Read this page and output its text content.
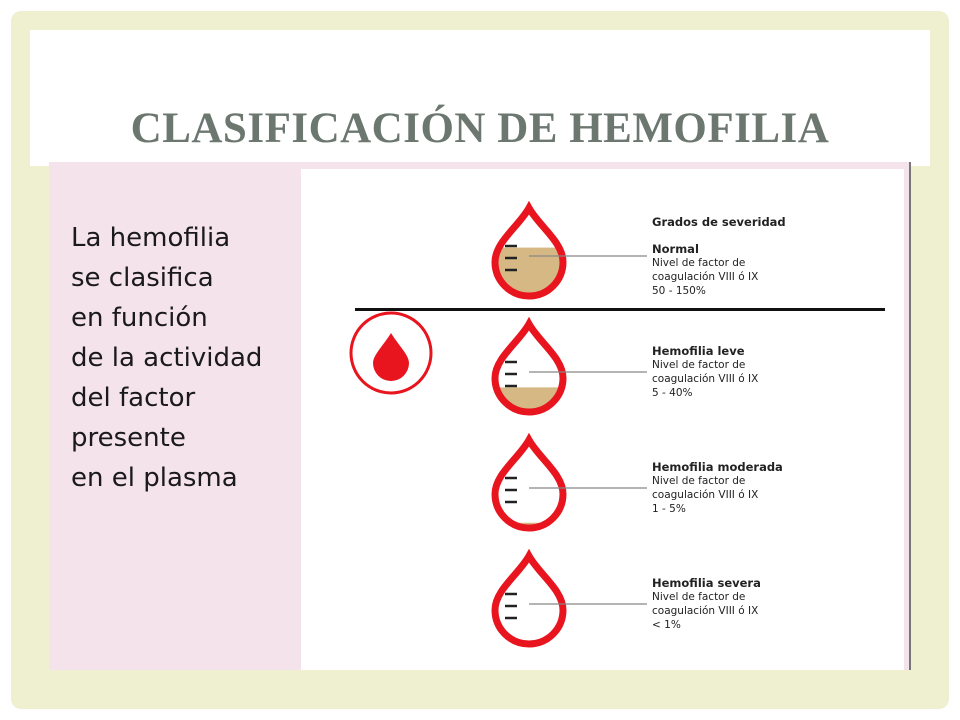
CLASIFICACIÓN DE HEMOFILIA

La hemofilia
se clasifica
en función
de la actividad
del factor
presente
en el plasma

Grados de severidad
Normal
Nivel de factor de
coagulación VIII ó IX
50 - 150%
Hemofilia leve
Nivel de factor de
coagulación VIII ó IX
5 - 40%
Hemofilia moderada
Nivel de factor de
coagulación VIII ó IX
1 - 5%
Hemofilia severa
Nivel de factor de
coagulación VIII ó IX
< 1%
